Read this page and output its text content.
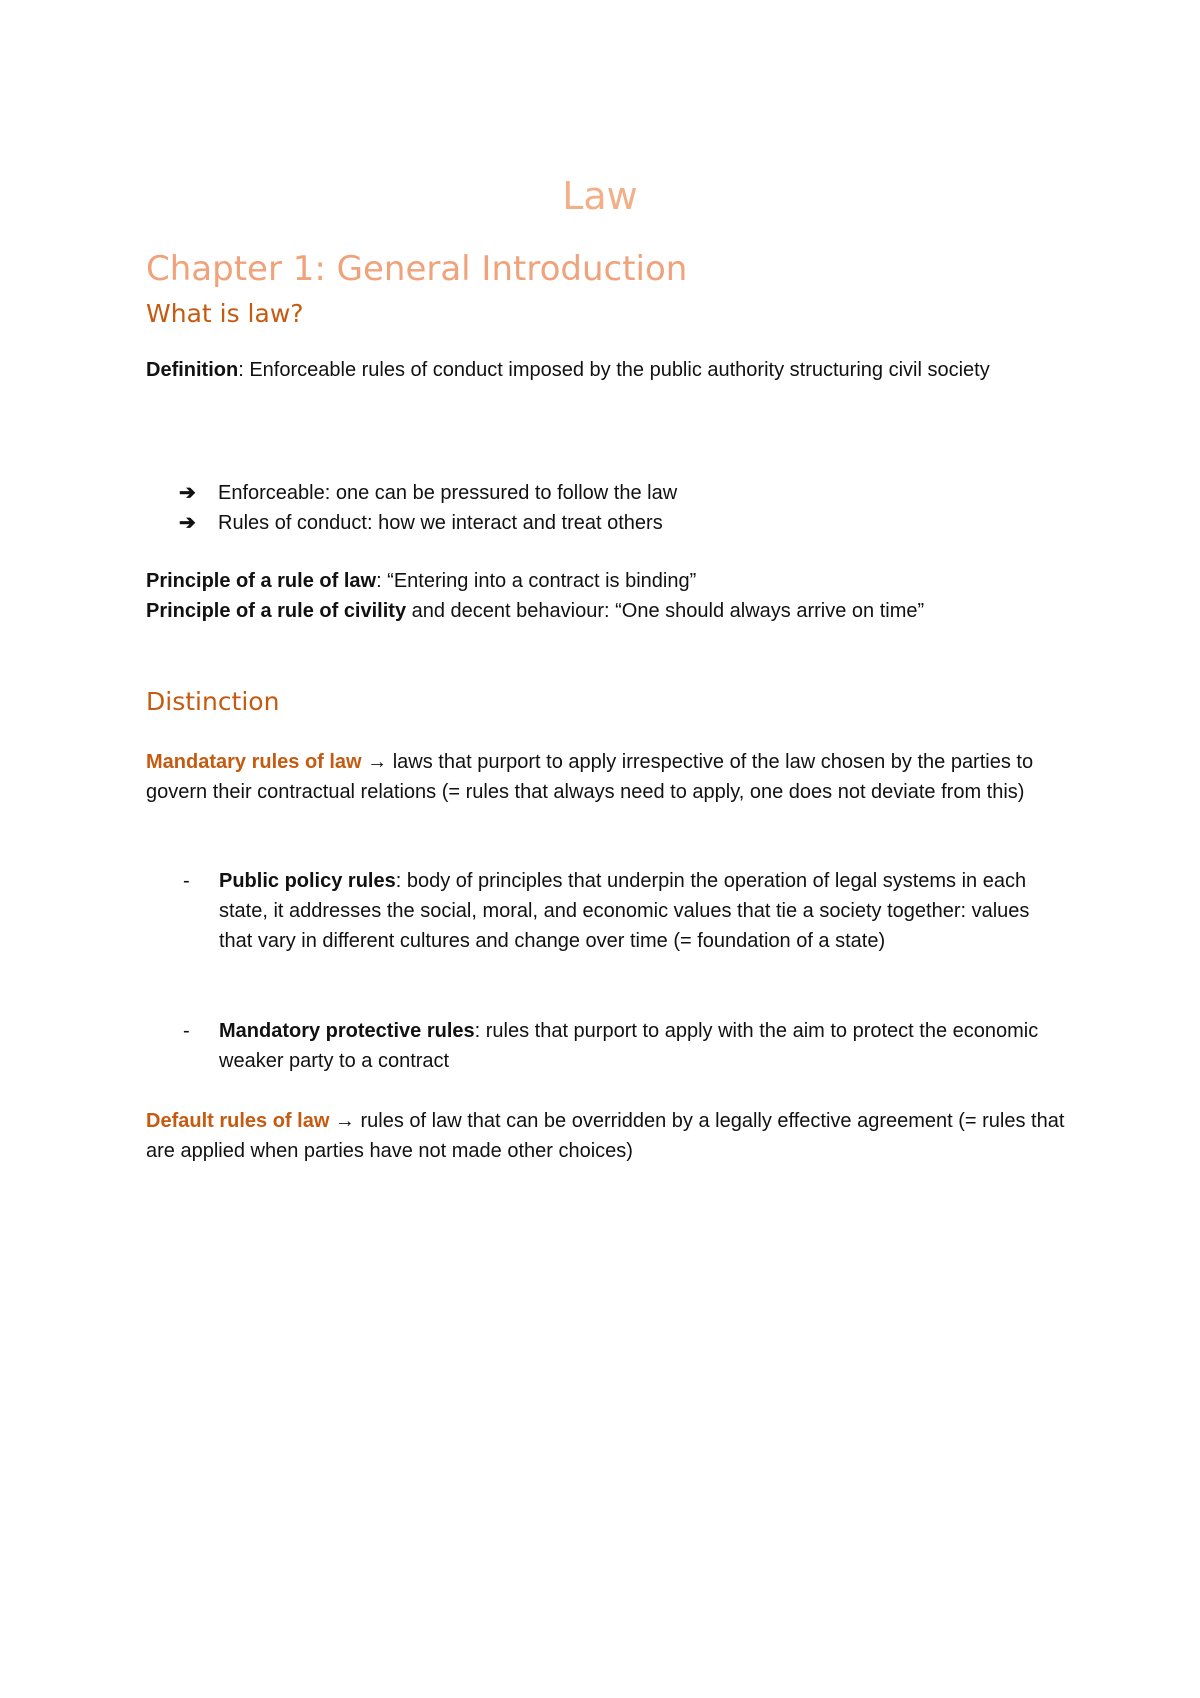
Law
Chapter 1: General Introduction
What is law?

Definition: Enforceable rules of conduct imposed by the public authority structuring civil society

➔ Enforceable: one can be pressured to follow the law
➔ Rules of conduct: how we interact and treat others

Principle of a rule of law: “Entering into a contract is binding”

Principle of a rule of civility and decent behaviour: “One should always arrive on time”

Distinction

Mandatary rules of law → laws that purport to apply irrespective of the law chosen by the parties to govern their contractual relations (= rules that always need to apply, one does not deviate from this)

- Public policy rules: body of principles that underpin the operation of legal systems in each state, it addresses the social, moral, and economic values that tie a society together: values that vary in different cultures and change over time (= foundation of a state)
- Mandatory protective rules: rules that purport to apply with the aim to protect the economic weaker party to a contract

Default rules of law → rules of law that can be overridden by a legally effective agreement (= rules that are applied when parties have not made other choices)
